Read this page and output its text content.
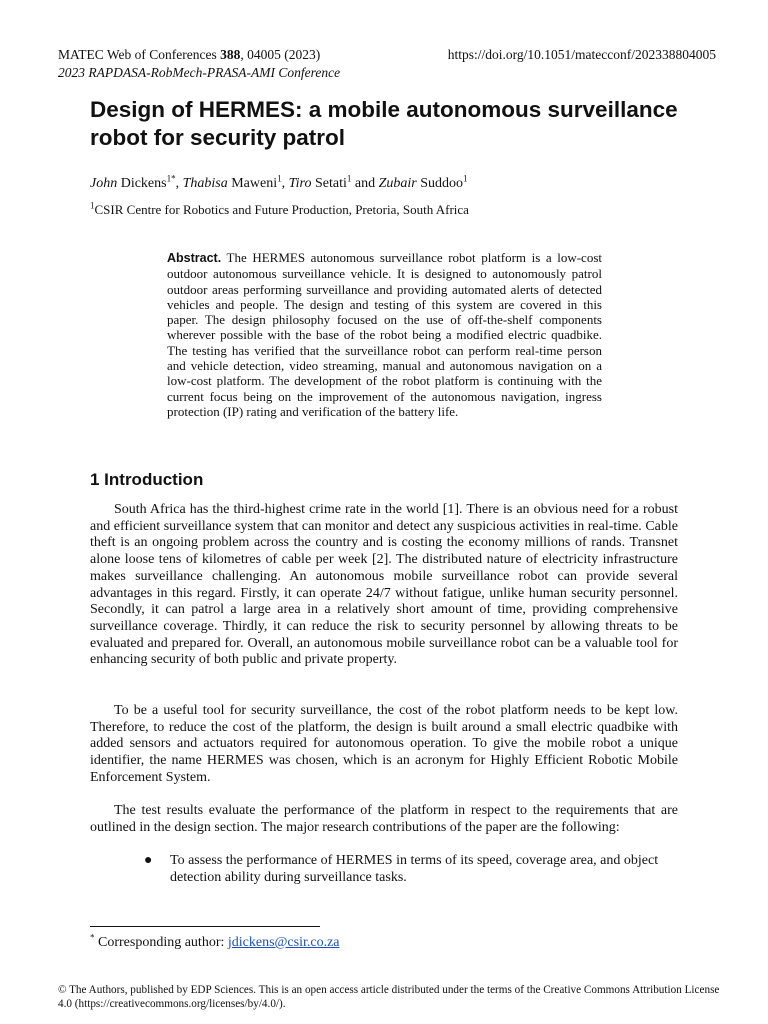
MATEC Web of Conferences 388, 04005 (2023)
2023 RAPDASA-RobMech-PRASA-AMI Conference
https://doi.org/10.1051/matecconf/202338804005
Design of HERMES: a mobile autonomous surveillance robot for security patrol
John Dickens$^{1*}$, Thabisa Maweni$^1$, Tiro Setati$^1$ and Zubair Suddoo$^1$
$^1$CSIR Centre for Robotics and Future Production, Pretoria, South Africa

Abstract. The HERMES autonomous surveillance robot platform is a low-cost outdoor autonomous surveillance vehicle. It is designed to autonomously patrol outdoor areas performing surveillance and providing automated alerts of detected vehicles and people. The design and testing of this system are covered in this paper. The design philosophy focused on the use of off-the-shelf components wherever possible with the base of the robot being a modified electric quadbike. The testing has verified that the surveillance robot can perform real-time person and vehicle detection, video streaming, manual and autonomous navigation on a low-cost platform. The development of the robot platform is continuing with the current focus being on the improvement of the autonomous navigation, ingress protection (IP) rating and verification of the battery life.

1 Introduction

South Africa has the third-highest crime rate in the world [1]. There is an obvious need for a robust and efficient surveillance system that can monitor and detect any suspicious activities in real-time. Cable theft is an ongoing problem across the country and is costing the economy millions of rands. Transnet alone loose tens of kilometres of cable per week [2]. The distributed nature of electricity infrastructure makes surveillance challenging. An autonomous mobile surveillance robot can provide several advantages in this regard. Firstly, it can operate 24/7 without fatigue, unlike human security personnel. Secondly, it can patrol a large area in a relatively short amount of time, providing comprehensive surveillance coverage. Thirdly, it can reduce the risk to security personnel by allowing threats to be evaluated and prepared for. Overall, an autonomous mobile surveillance robot can be a valuable tool for enhancing security of both public and private property.

To be a useful tool for security surveillance, the cost of the robot platform needs to be kept low. Therefore, to reduce the cost of the platform, the design is built around a small electric quadbike with added sensors and actuators required for autonomous operation. To give the mobile robot a unique identifier, the name HERMES was chosen, which is an acronym for Highly Efficient Robotic Mobile Enforcement System.

The test results evaluate the performance of the platform in respect to the requirements that are outlined in the design section. The major research contributions of the paper are the following:

● To assess the performance of HERMES in terms of its speed, coverage area, and object detection ability during surveillance tasks.

* Corresponding author: jdickens@csir.co.za

© The Authors, published by EDP Sciences. This is an open access article distributed under the terms of the Creative Commons Attribution License 4.0 (https://creativecommons.org/licenses/by/4.0/).
